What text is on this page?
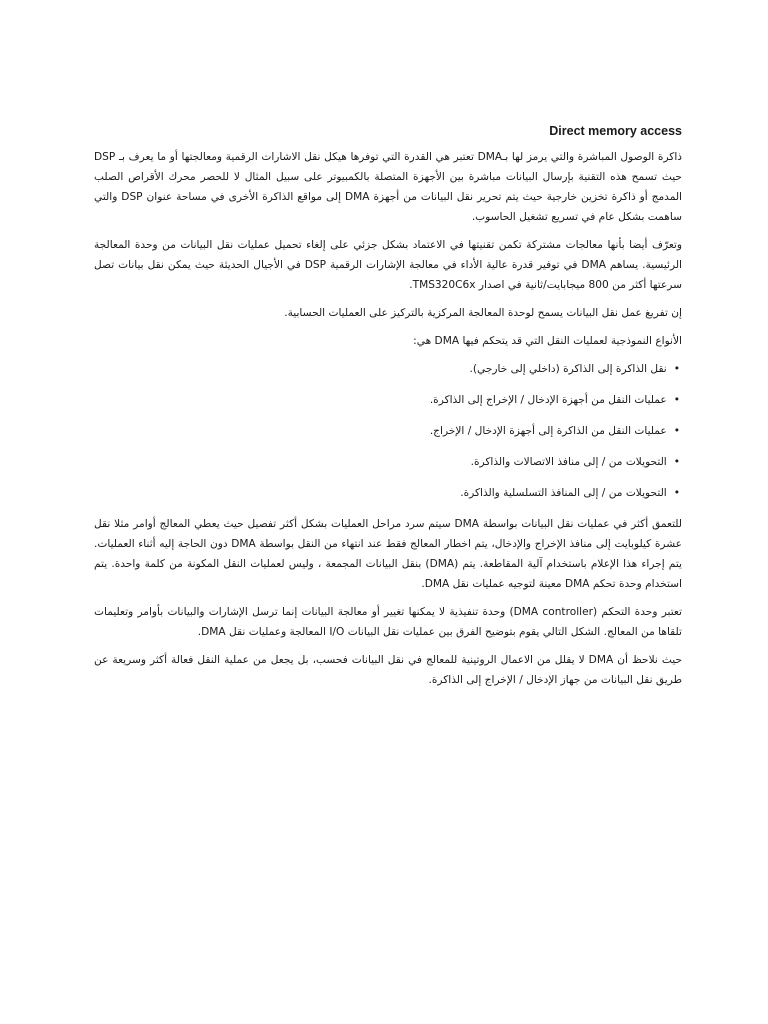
Direct memory access

ذاكرة الوصول المباشرة والتي يرمز لها بـDMA تعتبر هي القدرة التي توفرها هيكل نقل الاشارات الرقمية ومعالجتها أو ما يعرف بـ DSP حيث تسمح هذه التقنية بإرسال البيانات مباشرة بين الأجهزة المتصلة بالكمبيوتر على سبيل المثال لا للحصر محرك الأقراص الصلب المدمج أو ذاكرة تخزين خارجية حيث يتم تحرير نقل البيانات من أجهزة DMA إلى مواقع الذاكرة الأخرى في مساحة عنوان DSP والتي ساهمت بشكل عام في تسريع تشغيل الحاسوب.

وتعرّف أيضا بأنها معالجات مشتركة تكمن تقنيتها في الاعتماد بشكل جزئي على إلغاء تحميل عمليات نقل البيانات من وحدة المعالجة الرئيسية. يساهم DMA في توفير قدرة عالية الأداء في معالجة الإشارات الرقمية DSP في الأجيال الحديثة حيث يمكن نقل بيانات تصل سرعتها أكثر من 800 ميجابايت/ثانية في اصدار TMS320C6x.

إن تفريغ عمل نقل البيانات يسمح لوحدة المعالجة المركزية بالتركيز على العمليات الحسابية.

الأنواع النموذجية لعمليات النقل التي قد يتحكم فيها DMA هي:

•نقل الذاكرة إلى الذاكرة (داخلي إلى خارجي).
•عمليات النقل من أجهزة الإدخال / الإخراج إلى الذاكرة.
•عمليات النقل من الذاكرة إلى أجهزة الإدخال / الإخراج.
•التحويلات من / إلى منافذ الاتصالات والذاكرة.
•التحويلات من / إلى المنافذ التسلسلية والذاكرة.

للتعمق أكثر في عمليات نقل البيانات بواسطة DMA سيتم سرد مراحل العمليات بشكل أكثر تفصيل حيث يعطي المعالج أوامر مثلا نقل عشرة كيلوبايت إلى منافذ الإخراج والإدخال، يتم اخطار المعالج فقط عند انتهاء من النقل بواسطة DMA دون الحاجة إليه أثناء العمليات. يتم إجراء هذا الإعلام باستخدام آلية المقاطعة. يتم (DMA) بنقل البيانات المجمعة ، وليس لعمليات النقل المكونة من كلمة واحدة. يتم استخدام وحدة تحكم DMA معينة لتوجيه عمليات نقل DMA.

تعتبر وحدة التحكم (DMA controller) وحدة تنفيذية لا يمكنها تغيير أو معالجة البيانات إنما ترسل الإشارات والبيانات بأوامر وتعليمات تلقاها من المعالج. الشكل التالي يقوم بتوضيح الفرق بين عمليات نقل البيانات I/O المعالجة وعمليات نقل DMA.

حيث نلاحظ أن DMA لا يقلل من الاعمال الروتينية للمعالج في نقل البيانات فحسب، بل يجعل من عملية النقل فعالة أكثر وسريعة عن طريق نقل البيانات من جهاز الإدخال / الإخراج إلى الذاكرة.
